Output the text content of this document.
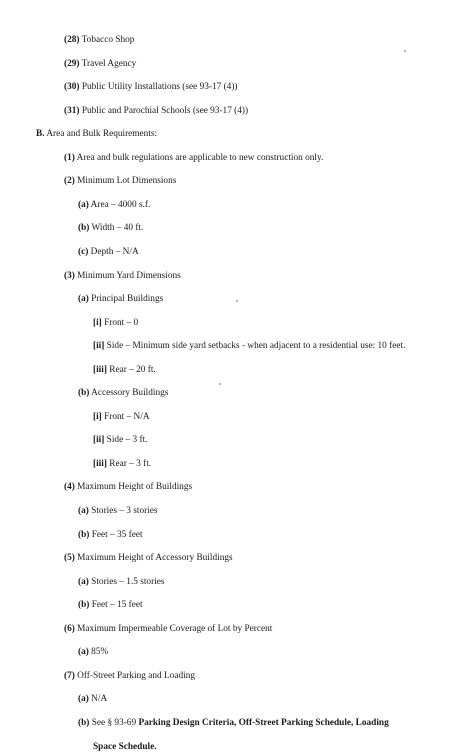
(28) Tobacco Shop
(29) Travel Agency
(30) Public Utility Installations (see 93-17 (4))
(31) Public and Parochial Schools (see 93-17 (4))
B. Area and Bulk Requirements:
(1) Area and bulk regulations are applicable to new construction only.
(2) Minimum Lot Dimensions
(a) Area – 4000 s.f.
(b) Width – 40 ft.
(c) Depth – N/A
(3) Minimum Yard Dimensions
(a) Principal Buildings
[i] Front – 0
[ii] Side – Minimum side yard setbacks - when adjacent to a residential use: 10 feet.
[iii] Rear – 20 ft.
(b) Accessory Buildings
[i] Front – N/A
[ii] Side – 3 ft.
[iii] Rear – 3 ft.
(4) Maximum Height of Buildings
(a) Stories – 3 stories
(b) Feet – 35 feet
(5) Maximum Height of Accessory Buildings
(a) Stories – 1.5 stories
(b) Feet – 15 feet
(6) Maximum Impermeable Coverage of Lot by Percent
(a) 85%
(7) Off-Street Parking and Loading
(a) N/A
(b) See § 93-69 Parking Design Criteria, Off-Street Parking Schedule, Loading
Space Schedule.
